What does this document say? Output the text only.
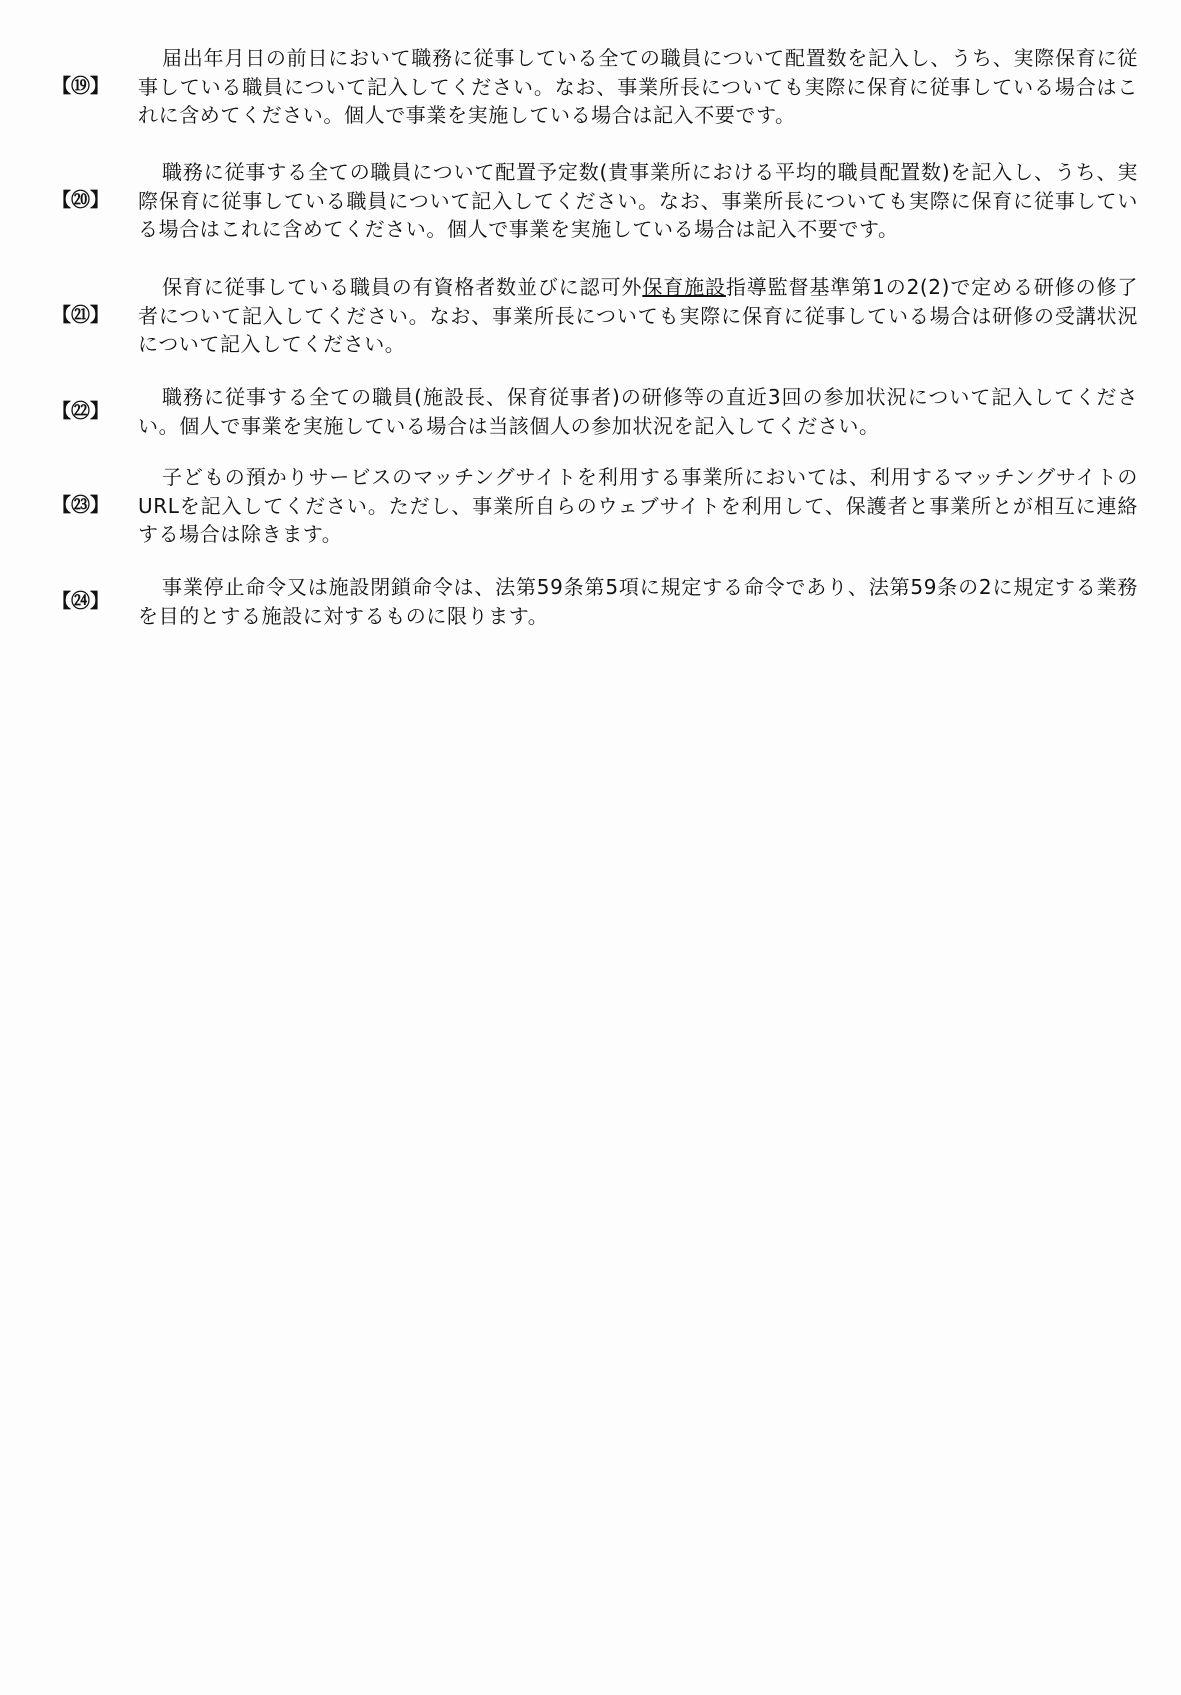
【⑲】

届出年月日の前日において職務に従事している全ての職員について配置数を記入し、うち、実際保育に従事している職員について記入してください。なお、事業所長についても実際に保育に従事している場合はこれに含めてください。個人で事業を実施している場合は記入不要です。

【⑳】

職務に従事する全ての職員について配置予定数(貴事業所における平均的職員配置数)を記入し、うち、実際保育に従事している職員について記入してください。なお、事業所長についても実際に保育に従事している場合はこれに含めてください。個人で事業を実施している場合は記入不要です。

【㉑】

保育に従事している職員の有資格者数並びに認可外保育施設指導監督基準第1の2(2)で定める研修の修了者について記入してください。なお、事業所長についても実際に保育に従事している場合は研修の受講状況について記入してください。

【㉒】

職務に従事する全ての職員(施設長、保育従事者)の研修等の直近3回の参加状況について記入してください。個人で事業を実施している場合は当該個人の参加状況を記入してください。

【㉓】

子どもの預かりサービスのマッチングサイトを利用する事業所においては、利用するマッチングサイトのURLを記入してください。ただし、事業所自らのウェブサイトを利用して、保護者と事業所とが相互に連絡する場合は除きます。

【㉔】

事業停止命令又は施設閉鎖命令は、法第59条第5項に規定する命令であり、法第59条の2に規定する業務を目的とする施設に対するものに限ります。
